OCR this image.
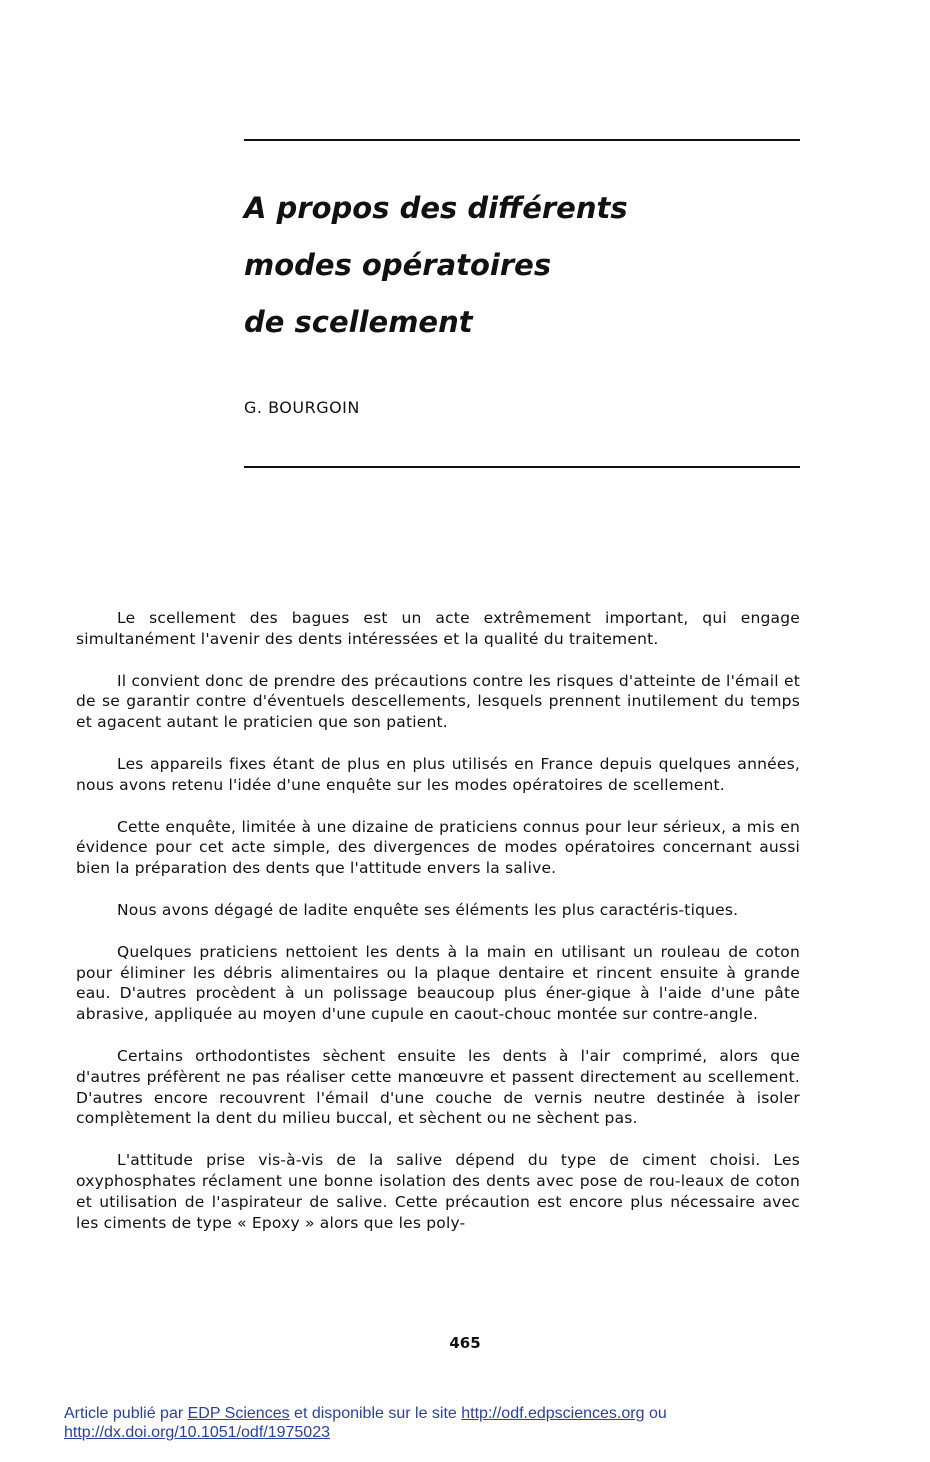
A propos des différents
modes opératoires
de scellement
G. BOURGOIN

Le scellement des bagues est un acte extrêmement important, qui engage simultanément l'avenir des dents intéressées et la qualité du traitement.

Il convient donc de prendre des précautions contre les risques d'atteinte de l'émail et de se garantir contre d'éventuels descellements, lesquels prennent inutilement du temps et agacent autant le praticien que son patient.

Les appareils fixes étant de plus en plus utilisés en France depuis quelques années, nous avons retenu l'idée d'une enquête sur les modes opératoires de scellement.

Cette enquête, limitée à une dizaine de praticiens connus pour leur sérieux, a mis en évidence pour cet acte simple, des divergences de modes opératoires concernant aussi bien la préparation des dents que l'attitude envers la salive.

Nous avons dégagé de ladite enquête ses éléments les plus caractéris-tiques.

Quelques praticiens nettoient les dents à la main en utilisant un rouleau de coton pour éliminer les débris alimentaires ou la plaque dentaire et rincent ensuite à grande eau. D'autres procèdent à un polissage beaucoup plus éner-gique à l'aide d'une pâte abrasive, appliquée au moyen d'une cupule en caout-chouc montée sur contre-angle.

Certains orthodontistes sèchent ensuite les dents à l'air comprimé, alors que d'autres préfèrent ne pas réaliser cette manœuvre et passent directement au scellement. D'autres encore recouvrent l'émail d'une couche de vernis neutre destinée à isoler complètement la dent du milieu buccal, et sèchent ou ne sèchent pas.

L'attitude prise vis-à-vis de la salive dépend du type de ciment choisi. Les oxyphosphates réclament une bonne isolation des dents avec pose de rou-leaux de coton et utilisation de l'aspirateur de salive. Cette précaution est encore plus nécessaire avec les ciments de type « Epoxy » alors que les poly-

465
Article publié par EDP Sciences et disponible sur le site http://odf.edpsciences.org ou
http://dx.doi.org/10.1051/odf/1975023
